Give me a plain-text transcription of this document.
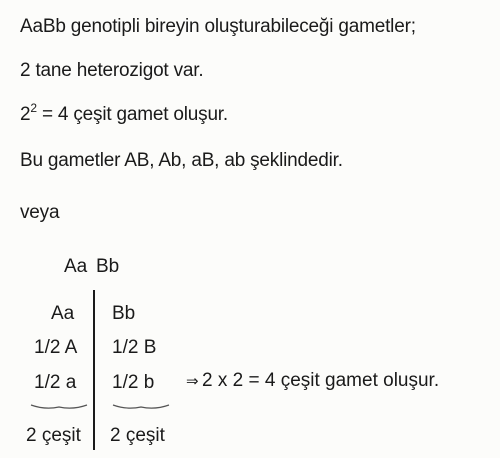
AaBb genotipli bireyin oluşturabileceği gametler;
2 tane heterozigot var.
$2^2 = 4$ çeşit gamet oluşur.
Bu gametler AB, Ab, aB, ab şeklindedir.
veya
Aa Bb
Aa
1/2 A
1/2 a
Bb
1/2 B
1/2 b
2 çeşit 2 çeşit
⇒ 2 x 2 = 4 çeşit gamet oluşur.
